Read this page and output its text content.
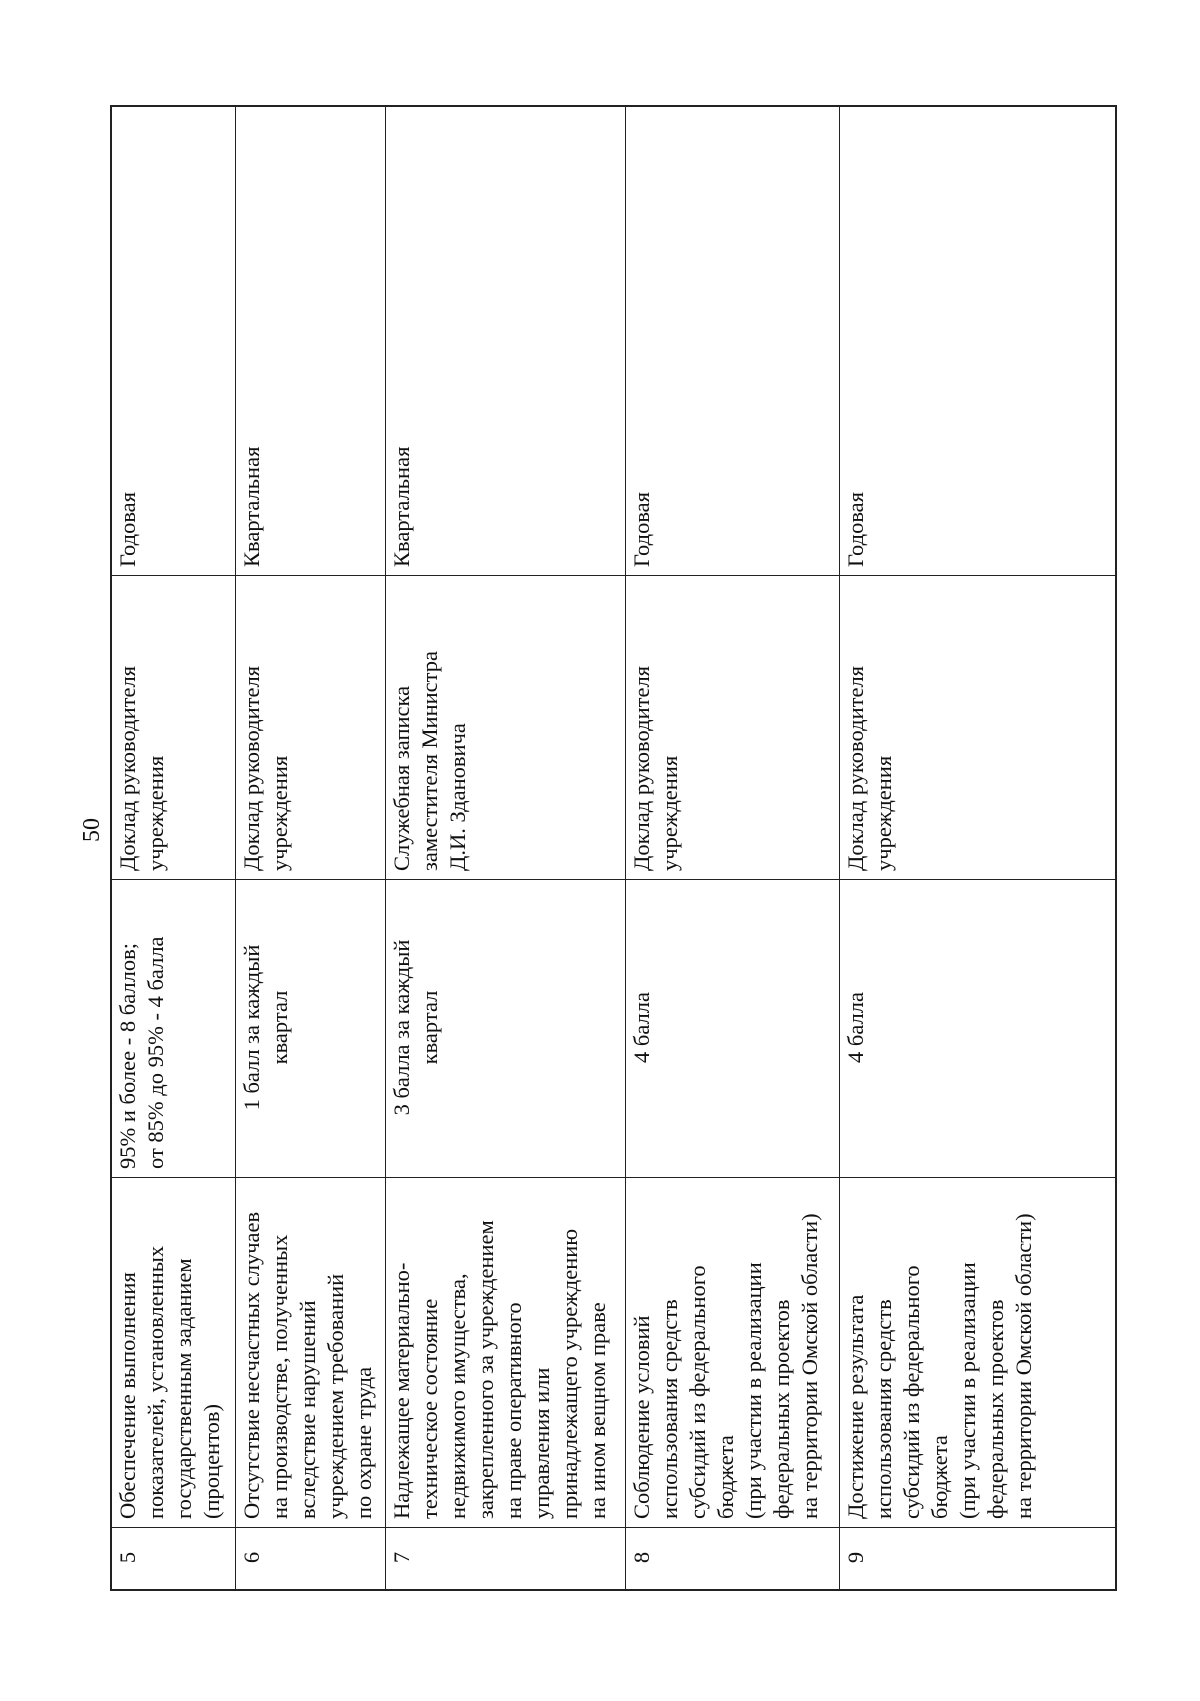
50
5
Обеспечение выполнения
показателей, установленных
государственным заданием
(процентов)
95% и более - 8 баллов;
от 85% до 95% - 4 балла
Доклад руководителя
учреждения
Годовая
6
Отсутствие несчастных случаев
на производстве, полученных
вследствие нарушений
учреждением требований
по охране труда
1 балл за каждый
квартал
Доклад руководителя
учреждения
Квартальная
7
Надлежащее материально-
техническое состояние
недвижимого имущества,
закрепленного за учреждением
на праве оперативного
управления или
принадлежащего учреждению
на ином вещном праве
3 балла за каждый
квартал
Служебная записка
заместителя Министра
Д.И. Здановича
Квартальная
8
Соблюдение условий
использования средств
субсидий из федерального
бюджета
(при участии в реализации
федеральных проектов
на территории Омской области)
4 балла
Доклад руководителя
учреждения
Годовая
9
Достижение результата
использования средств
субсидий из федерального
бюджета
(при участии в реализации
федеральных проектов
на территории Омской области)
4 балла
Доклад руководителя
учреждения
Годовая
